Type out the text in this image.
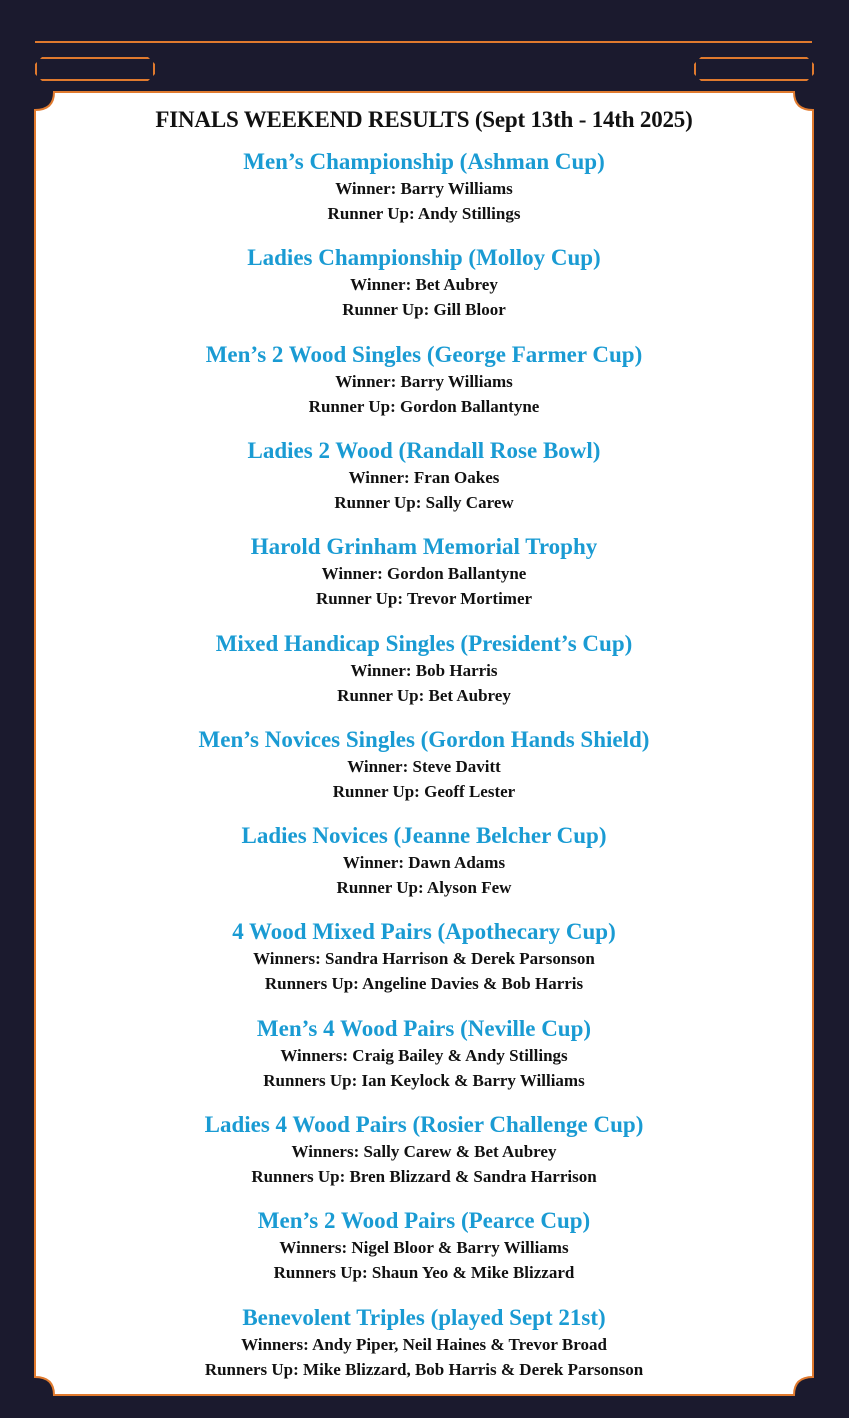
FINALS WEEKEND RESULTS (Sept 13th - 14th 2025)
Men’s Championship (Ashman Cup)
Winner: Barry Williams
Runner Up: Andy Stillings
Ladies Championship (Molloy Cup)
Winner: Bet Aubrey
Runner Up: Gill Bloor
Men’s 2 Wood Singles (George Farmer Cup)
Winner: Barry Williams
Runner Up: Gordon Ballantyne
Ladies 2 Wood (Randall Rose Bowl)
Winner: Fran Oakes
Runner Up: Sally Carew
Harold Grinham Memorial Trophy
Winner: Gordon Ballantyne
Runner Up: Trevor Mortimer
Mixed Handicap Singles (President’s Cup)
Winner: Bob Harris
Runner Up: Bet Aubrey
Men’s Novices Singles (Gordon Hands Shield)
Winner: Steve Davitt
Runner Up: Geoff Lester
Ladies Novices (Jeanne Belcher Cup)
Winner: Dawn Adams
Runner Up: Alyson Few
4 Wood Mixed Pairs (Apothecary Cup)
Winners: Sandra Harrison & Derek Parsonson
Runners Up: Angeline Davies & Bob Harris
Men’s 4 Wood Pairs (Neville Cup)
Winners: Craig Bailey & Andy Stillings
Runners Up: Ian Keylock & Barry Williams
Ladies 4 Wood Pairs (Rosier Challenge Cup)
Winners: Sally Carew & Bet Aubrey
Runners Up: Bren Blizzard & Sandra Harrison
Men’s 2 Wood Pairs (Pearce Cup)
Winners: Nigel Bloor & Barry Williams
Runners Up: Shaun Yeo & Mike Blizzard
Benevolent Triples (played Sept 21st)
Winners: Andy Piper, Neil Haines & Trevor Broad
Runners Up: Mike Blizzard, Bob Harris & Derek Parsonson
